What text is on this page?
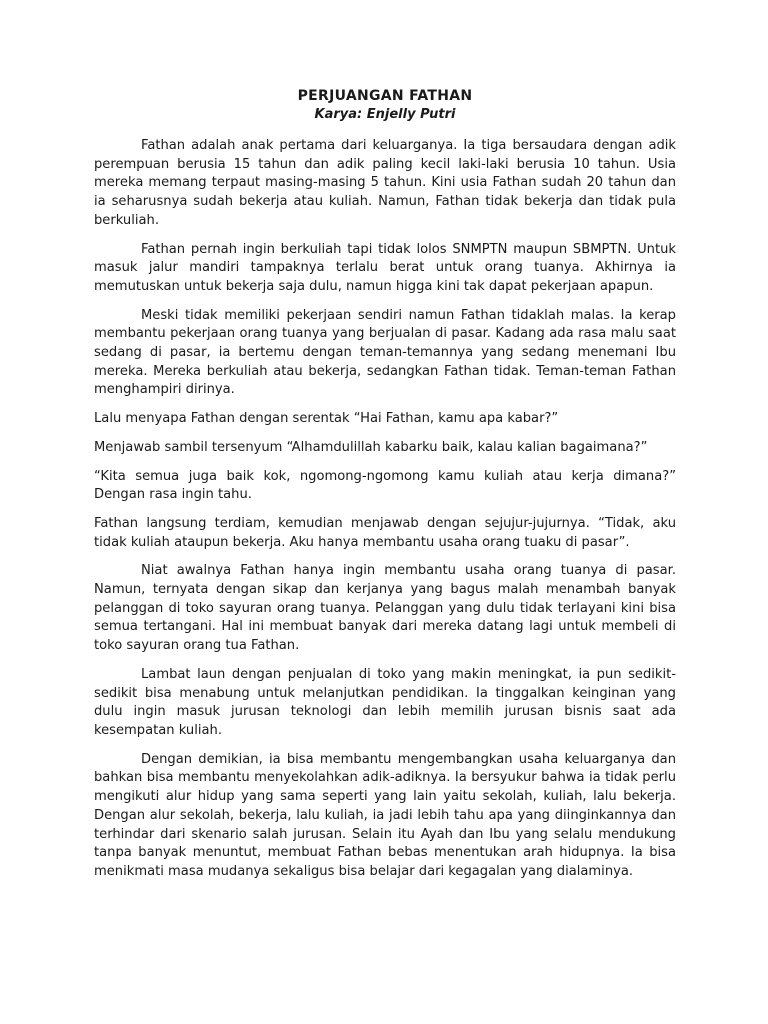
PERJUANGAN FATHAN
Karya: Enjelly Putri

Fathan adalah anak pertama dari keluarganya. Ia tiga bersaudara dengan adik perempuan berusia 15 tahun dan adik paling kecil laki-laki berusia 10 tahun. Usia mereka memang terpaut masing-masing 5 tahun. Kini usia Fathan sudah 20 tahun dan ia seharusnya sudah bekerja atau kuliah. Namun, Fathan tidak bekerja dan tidak pula berkuliah.

Fathan pernah ingin berkuliah tapi tidak lolos SNMPTN maupun SBMPTN. Untuk masuk jalur mandiri tampaknya terlalu berat untuk orang tuanya. Akhirnya ia memutuskan untuk bekerja saja dulu, namun higga kini tak dapat pekerjaan apapun.

Meski tidak memiliki pekerjaan sendiri namun Fathan tidaklah malas. Ia kerap membantu pekerjaan orang tuanya yang berjualan di pasar. Kadang ada rasa malu saat sedang di pasar, ia bertemu dengan teman-temannya yang sedang menemani Ibu mereka. Mereka berkuliah atau bekerja, sedangkan Fathan tidak. Teman-teman Fathan menghampiri dirinya.

Lalu menyapa Fathan dengan serentak “Hai Fathan, kamu apa kabar?”

Menjawab sambil tersenyum “Alhamdulillah kabarku baik, kalau kalian bagaimana?”

“Kita semua juga baik kok, ngomong-ngomong kamu kuliah atau kerja dimana?” Dengan rasa ingin tahu.

Fathan langsung terdiam, kemudian menjawab dengan sejujur-jujurnya. “Tidak, aku tidak kuliah ataupun bekerja. Aku hanya membantu usaha orang tuaku di pasar”.

Niat awalnya Fathan hanya ingin membantu usaha orang tuanya di pasar. Namun, ternyata dengan sikap dan kerjanya yang bagus malah menambah banyak pelanggan di toko sayuran orang tuanya. Pelanggan yang dulu tidak terlayani kini bisa semua tertangani. Hal ini membuat banyak dari mereka datang lagi untuk membeli di toko sayuran orang tua Fathan.

Lambat laun dengan penjualan di toko yang makin meningkat, ia pun sedikit-sedikit bisa menabung untuk melanjutkan pendidikan. Ia tinggalkan keinginan yang dulu ingin masuk jurusan teknologi dan lebih memilih jurusan bisnis saat ada kesempatan kuliah.

Dengan demikian, ia bisa membantu mengembangkan usaha keluarganya dan bahkan bisa membantu menyekolahkan adik-adiknya. Ia bersyukur bahwa ia tidak perlu mengikuti alur hidup yang sama seperti yang lain yaitu sekolah, kuliah, lalu bekerja. Dengan alur sekolah, bekerja, lalu kuliah, ia jadi lebih tahu apa yang diinginkannya dan terhindar dari skenario salah jurusan. Selain itu Ayah dan Ibu yang selalu mendukung tanpa banyak menuntut, membuat Fathan bebas menentukan arah hidupnya. Ia bisa menikmati masa mudanya sekaligus bisa belajar dari kegagalan yang dialaminya.
